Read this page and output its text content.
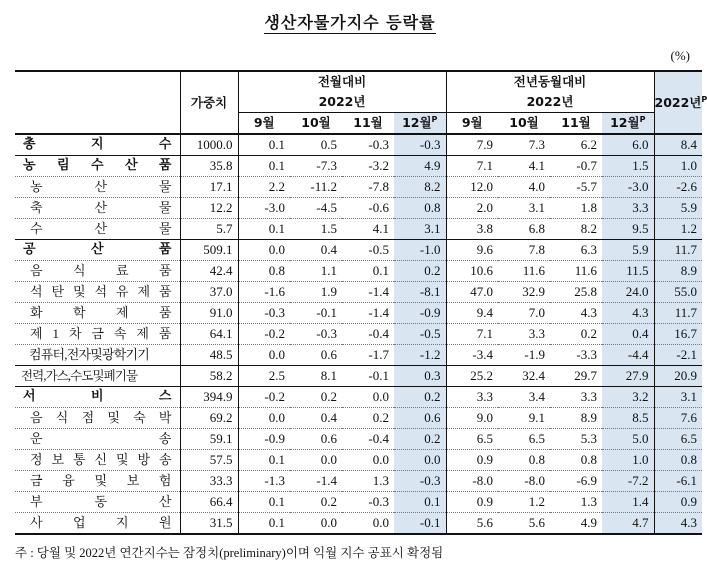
생산자물가지수 등락률
(%)
	가중치	전월대비				전년동월대비				2022년$^P$
		2022년				2022년				
		9월	10월	11월	12월$^P$	9월	10월	11월	12월$^P$
총 지 수	1000.0	0.1	0.5	-0.3	-0.3	7.9	7.3	6.2	6.0	8.4
농 림 수 산 품	35.8	0.1	-7.3	-3.2	4.9	7.1	4.1	-0.7	1.5	1.0
농 산 물	17.1	2.2	-11.2	-7.8	8.2	12.0	4.0	-5.7	-3.0	-2.6
축 산 물	12.2	-3.0	-4.5	-0.6	0.8	2.0	3.1	1.8	3.3	5.9
수 산 물	5.7	0.1	1.5	4.1	3.1	3.8	6.8	8.2	9.5	1.2
공 산 품	509.1	0.0	0.4	-0.5	-1.0	9.6	7.8	6.3	5.9	11.7
음 식 료 품	42.4	0.8	1.1	0.1	0.2	10.6	11.6	11.6	11.5	8.9
석 탄 및 석 유 제 품	37.0	-1.6	1.9	-1.4	-8.1	47.0	32.9	25.8	24.0	55.0
화 학 제 품	91.0	-0.3	-0.1	-1.4	-0.9	9.4	7.0	4.3	4.3	11.7
제 1 차 금 속 제 품	64.1	-0.2	-0.3	-0.4	-0.5	7.1	3.3	0.2	0.4	16.7
컴퓨터,전자및광학기기	48.5	0.0	0.6	-1.7	-1.2	-3.4	-1.9	-3.3	-4.4	-2.1
전력,가스,수도및폐기물	58.2	2.5	8.1	-0.1	0.3	25.2	32.4	29.7	27.9	20.9
서 비 스	394.9	-0.2	0.2	0.0	0.2	3.3	3.4	3.3	3.2	3.1
음 식 점 및 숙 박	69.2	0.0	0.4	0.2	0.6	9.0	9.1	8.9	8.5	7.6
운 송	59.1	-0.9	0.6	-0.4	0.2	6.5	6.5	5.3	5.0	6.5
정 보 통 신 및 방 송	57.5	0.1	0.0	0.0	0.0	0.9	0.8	0.8	1.0	0.8
금 융 및 보 험	33.3	-1.3	-1.4	1.3	-0.3	-8.0	-8.0	-6.9	-7.2	-6.1
부 동 산	66.4	0.1	0.2	-0.3	0.1	0.9	1.2	1.3	1.4	0.9
사 업 지 원	31.5	0.1	0.0	0.0	-0.1	5.6	5.6	4.9	4.7	4.3
주 : 당월 및 2022년 연간지수는 잠정치(preliminary)이며 익월 지수 공표시 확정됨
